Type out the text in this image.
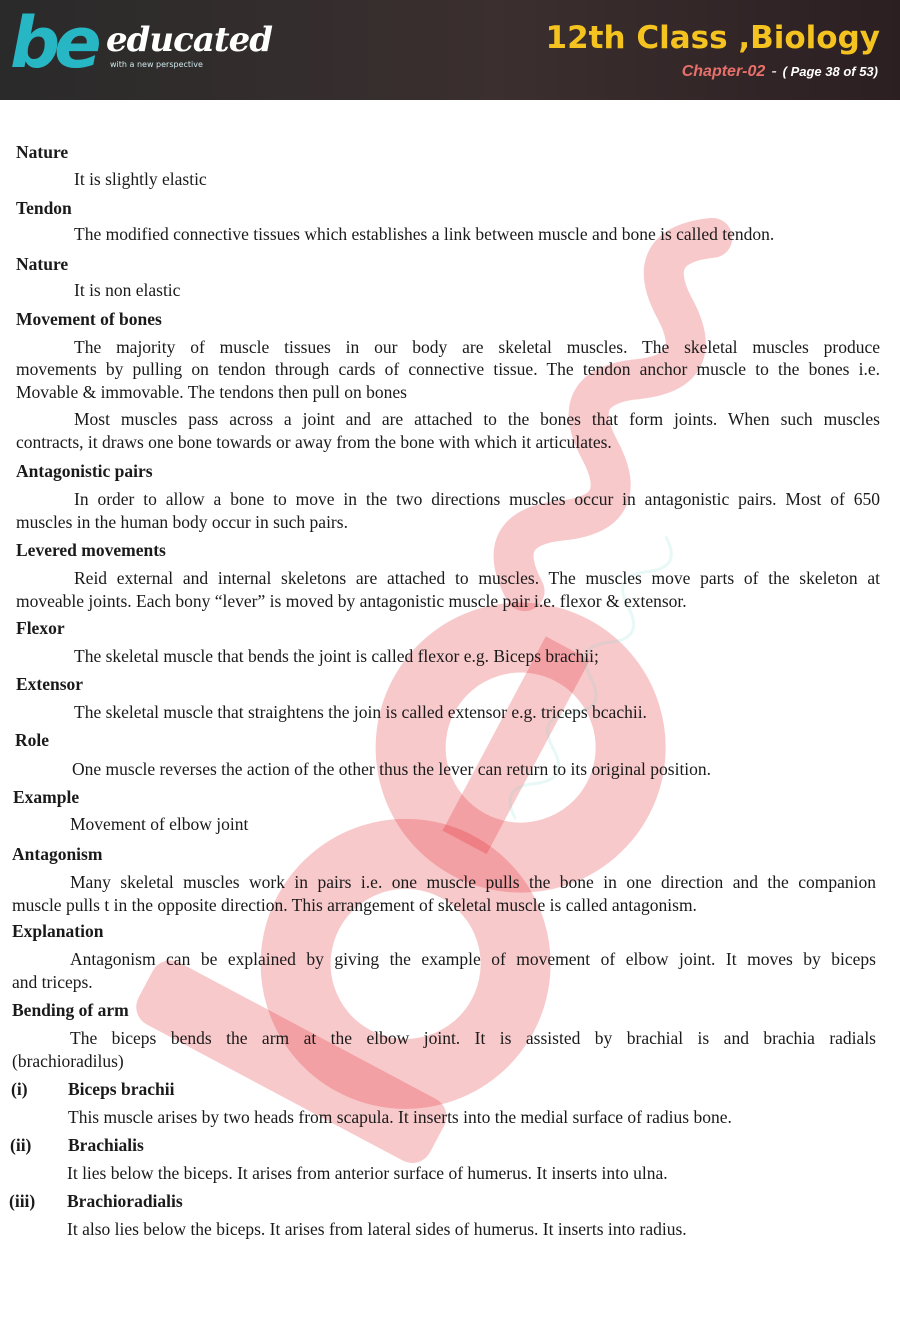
be educated
with a new perspective
12th Class ,Biology
Chapter-02 - ( Page 38 of 53)
Nature
It is slightly elastic
Tendon
The modified connective tissues which establishes a link between muscle and bone is called tendon.
Nature
It is non elastic
Movement of bones
The majority of muscle tissues in our body are skeletal muscles. The skeletal muscles produce
movements by pulling on tendon through cards of connective tissue. The tendon anchor muscle to the bones i.e.
Movable & immovable. The tendons then pull on bones
Most muscles pass across a joint and are attached to the bones that form joints. When such muscles
contracts, it draws one bone towards or away from the bone with which it articulates.
Antagonistic pairs
In order to allow a bone to move in the two directions muscles occur in antagonistic pairs. Most of 650
muscles in the human body occur in such pairs.
Levered movements
Reid external and internal skeletons are attached to muscles. The muscles move parts of the skeleton at
moveable joints. Each bony “lever” is moved by antagonistic muscle pair i.e. flexor & extensor.
Flexor
The skeletal muscle that bends the joint is called flexor e.g. Biceps brachii;
Extensor
The skeletal muscle that straightens the join is called extensor e.g. triceps bcachii.
Role
One muscle reverses the action of the other thus the lever can return to its original position.
Example
Movement of elbow joint
Antagonism
Many skeletal muscles work in pairs i.e. one muscle pulls the bone in one direction and the companion
muscle pulls t in the opposite direction. This arrangement of skeletal muscle is called antagonism.
Explanation
Antagonism can be explained by giving the example of movement of elbow joint. It moves by biceps
and triceps.
Bending of arm
The biceps bends the arm at the elbow joint. It is assisted by brachial is and brachia radials
(brachioradilus)
(i) Biceps brachii
This muscle arises by two heads from scapula. It inserts into the medial surface of radius bone.
(ii) Brachialis
It lies below the biceps. It arises from anterior surface of humerus. It inserts into ulna.
(iii) Brachioradialis
It also lies below the biceps. It arises from lateral sides of humerus. It inserts into radius.
